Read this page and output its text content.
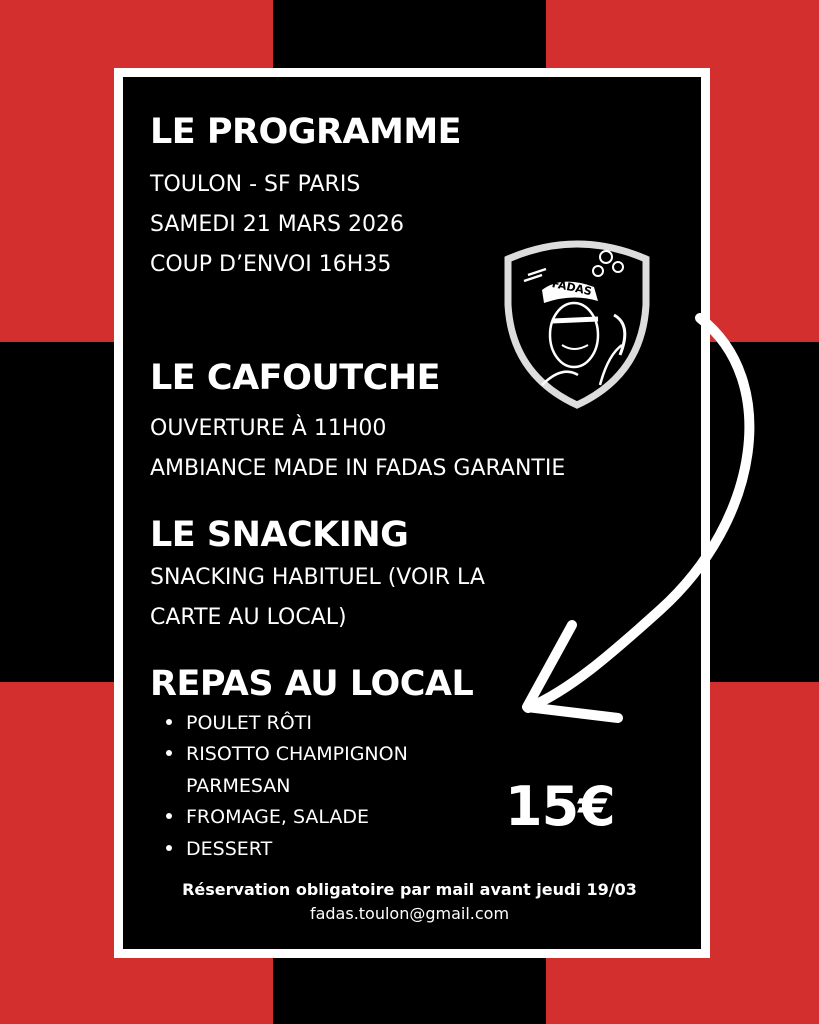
FADAS
LE PROGRAMME
TOULON - SF PARIS
SAMEDI 21 MARS 2026
COUP D’ENVOI 16H35
LE CAFOUTCHE
OUVERTURE À 11H00
AMBIANCE MADE IN FADAS GARANTIE
LE SNACKING
SNACKING HABITUEL (VOIR LA
CARTE AU LOCAL)
REPAS AU LOCAL
POULET RÔTI
RISOTTO CHAMPIGNON
PARMESAN
FROMAGE, SALADE
DESSERT
15€
Réservation obligatoire par mail avant jeudi 19/03
fadas.toulon@gmail.com
